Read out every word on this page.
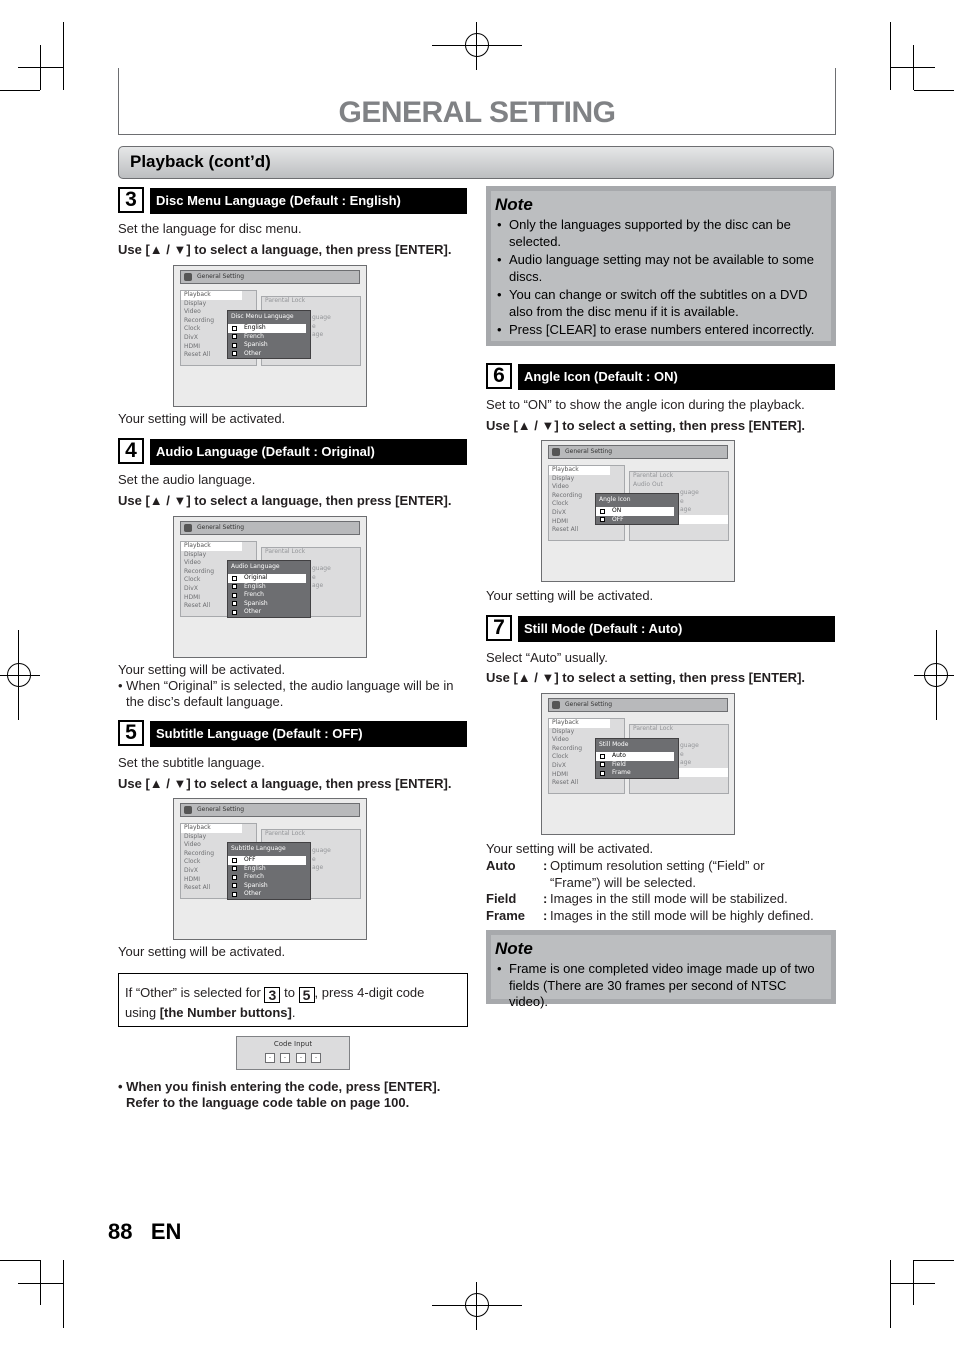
GENERAL SETTING
Playback (cont’d)
3	Disc Menu Language (Default : English)
Set the language for disc menu.
Use [▲ / ▼] to select a language, then press [ENTER].
General Setting
Playback
Display
Video
Recording
Clock
DivX
HDMI
Reset All
Parental Lock
guage
e
age
Disc Menu Language
English
French
Spanish
Other
Your setting will be activated.
4	Audio Language (Default : Original)
Set the audio language.
Use [▲ / ▼] to select a language, then press [ENTER].
General Setting
Playback
Display
Video
Recording
Clock
DivX
HDMI
Reset All
Parental Lock
guage
e
age
Audio Language
Original
English
French
Spanish
Other
Your setting will be activated.
• When “Original” is selected, the audio language will be in the disc’s default language.
5	Subtitle Language (Default : OFF)
Set the subtitle language.
Use [▲ / ▼] to select a language, then press [ENTER].
General Setting
Playback
Display
Video
Recording
Clock
DivX
HDMI
Reset All
Parental Lock
guage
e
age
Subtitle Language
OFF
English
French
Spanish
Other
Your setting will be activated.
If “Other” is selected for 3 to 5 , press 4-digit code
using [the Number buttons].
Code Input
-	-	-	-
• When you finish entering the code, press [ENTER].
Refer to the language code table on page 100.
Note
• Only the languages supported by the disc can be selected.
• Audio language setting may not be available to some discs.
• You can change or switch off the subtitles on a DVD also from the disc menu if it is available.
• Press [CLEAR] to erase numbers entered incorrectly.
6	Angle Icon (Default : ON)
Set to “ON” to show the angle icon during the playback.
Use [▲ / ▼] to select a setting, then press [ENTER].
General Setting
Playback
Display
Video
Recording
Clock
DivX
HDMI
Reset All
Parental Lock
Audio Out
guage
e
age
Angle Icon
ON
OFF
Your setting will be activated.
7	Still Mode (Default : Auto)
Select “Auto” usually.
Use [▲ / ▼] to select a setting, then press [ENTER].
General Setting
Playback
Display
Video
Recording
Clock
DivX
HDMI
Reset All
Parental Lock
guage
e
age
Still Mode
Auto
Field
Frame
Your setting will be activated.
Auto : Optimum resolution setting (“Field” or “Frame”) will be selected.
Field : Images in the still mode will be stabilized.
Frame : Images in the still mode will be highly defined.
Note
• Frame is one completed video image made up of two fields (There are 30 frames per second of NTSC video).
88 EN
